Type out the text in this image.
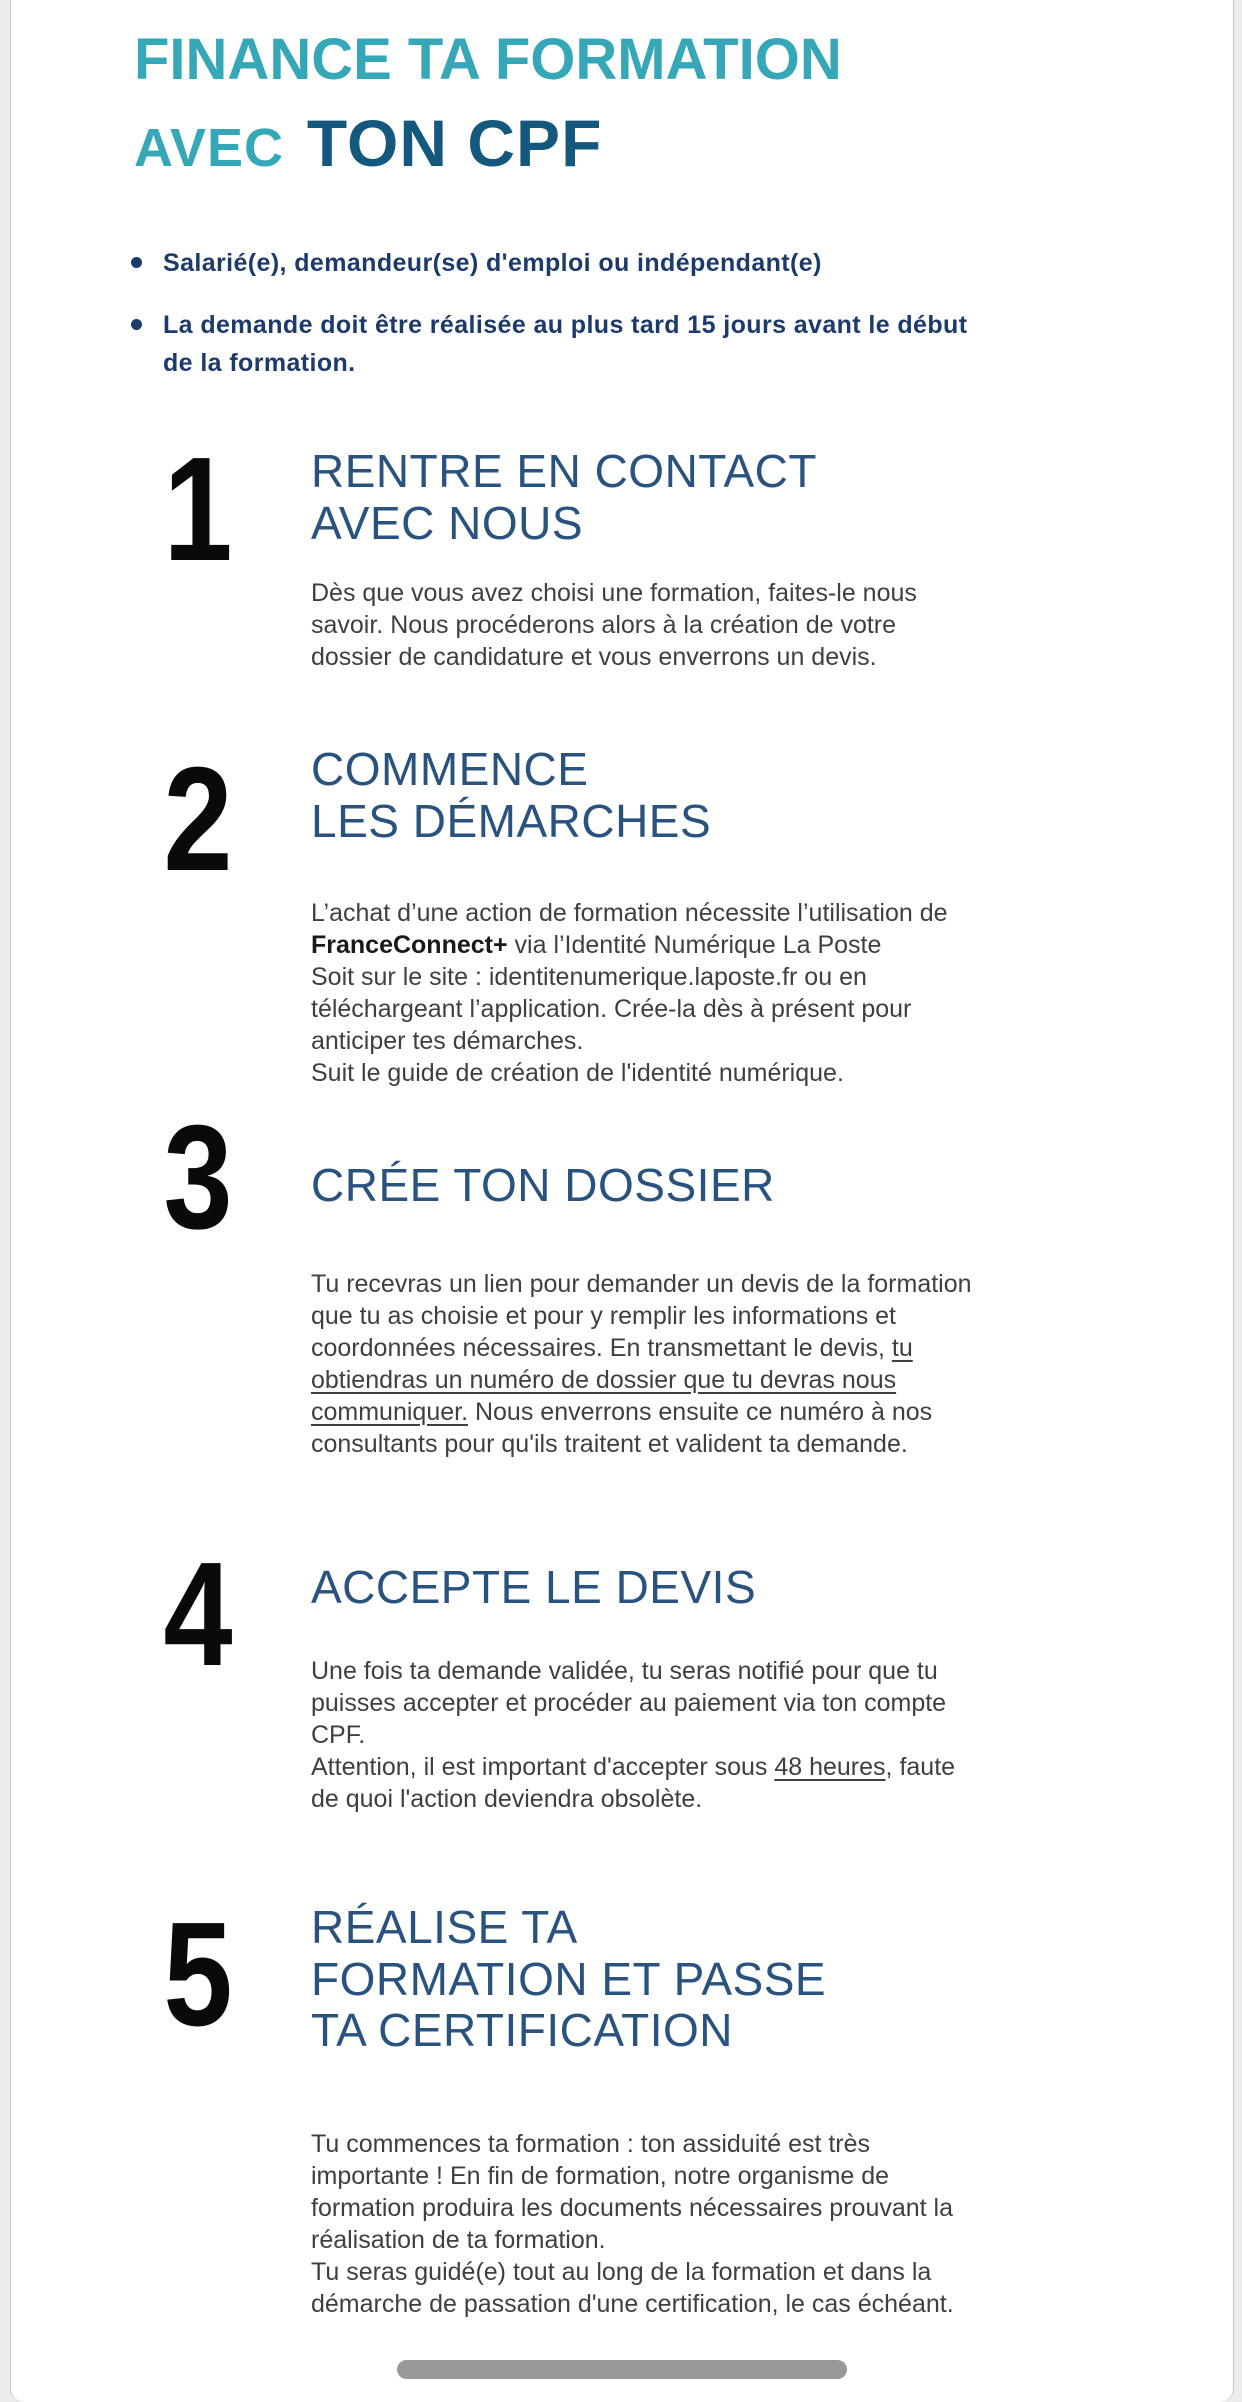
FINANCE TA FORMATION
AVEC TON CPF
Salarié(e), demandeur(se) d'emploi ou indépendant(e)
La demande doit être réalisée au plus tard 15 jours avant le début de la formation.
1	RENTRE EN CONTACT
AVEC NOUS

Dès que vous avez choisi une formation, faites-le nous savoir. Nous procéderons alors à la création de votre dossier de candidature et vous enverrons un devis.

2	COMMENCE
LES DÉMARCHES

L’achat d’une action de formation nécessite l’utilisation de FranceConnect+ via l’Identité Numérique La Poste
Soit sur le site : identitenumerique.laposte.fr ou en téléchargeant l’application. Crée-la dès à présent pour anticiper tes démarches.
Suit le guide de création de l'identité numérique.

3	CRÉE TON DOSSIER

Tu recevras un lien pour demander un devis de la formation que tu as choisie et pour y remplir les informations et coordonnées nécessaires. En transmettant le devis, tu obtiendras un numéro de dossier que tu devras nous communiquer. Nous enverrons ensuite ce numéro à nos consultants pour qu'ils traitent et valident ta demande.

4	ACCEPTE LE DEVIS

Une fois ta demande validée, tu seras notifié pour que tu puisses accepter et procéder au paiement via ton compte CPF.
Attention, il est important d'accepter sous 48 heures, faute de quoi l'action deviendra obsolète.

5	RÉALISE TA
FORMATION ET PASSE
TA CERTIFICATION

Tu commences ta formation : ton assiduité est très importante ! En fin de formation, notre organisme de formation produira les documents nécessaires prouvant la réalisation de ta formation.
Tu seras guidé(e) tout au long de la formation et dans la démarche de passation d'une certification, le cas échéant.
